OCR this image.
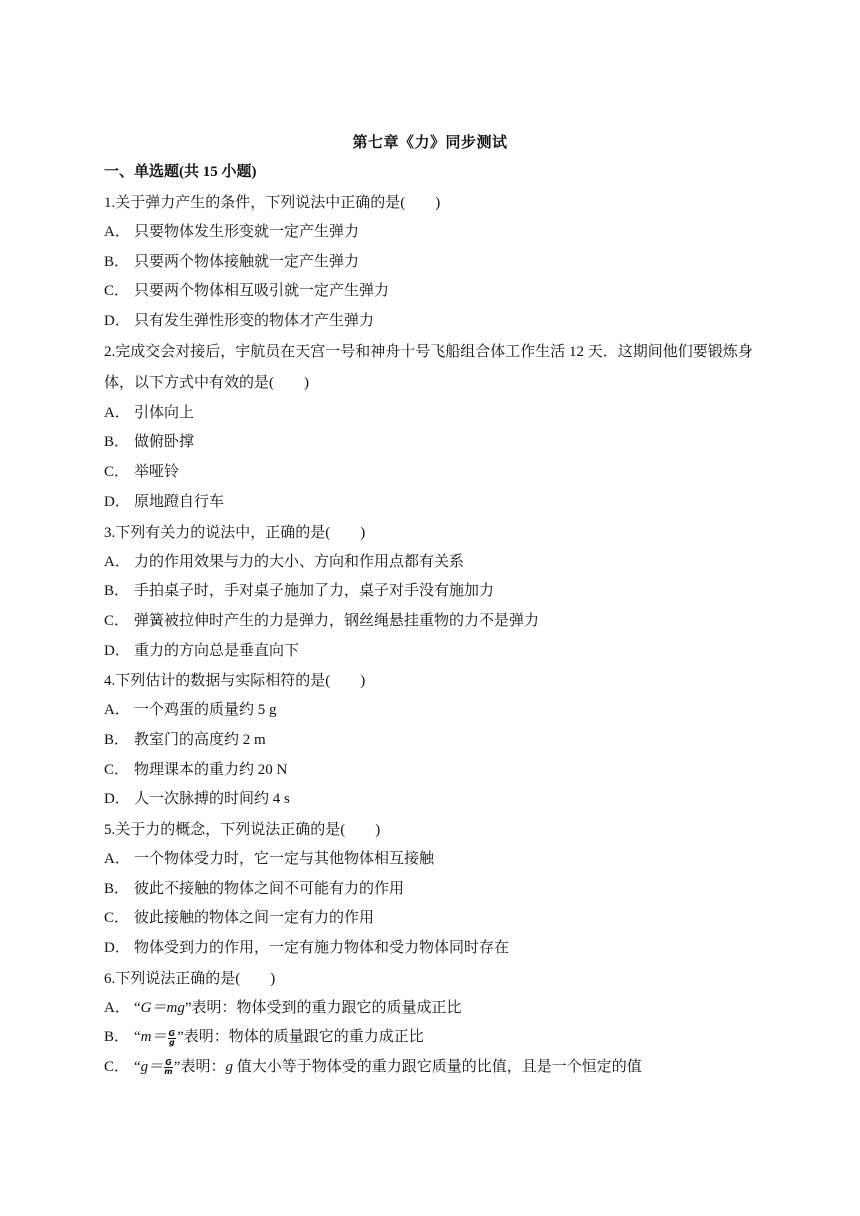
第七章《力》同步测试
一、单选题(共 15 小题)
1.关于弹力产生的条件，下列说法中正确的是(　　)
A． 只要物体发生形变就一定产生弹力
B． 只要两个物体接触就一定产生弹力
C． 只要两个物体相互吸引就一定产生弹力
D． 只有发生弹性形变的物体才产生弹力
2.完成交会对接后，宇航员在天宫一号和神舟十号飞船组合体工作生活 12 天．这期间他们要锻炼身体，以下方式中有效的是(　　)
A． 引体向上
B． 做俯卧撑
C． 举哑铃
D． 原地蹬自行车
3.下列有关力的说法中，正确的是(　　)
A． 力的作用效果与力的大小、方向和作用点都有关系
B． 手拍桌子时，手对桌子施加了力，桌子对手没有施加力
C． 弹簧被拉伸时产生的力是弹力，钢丝绳悬挂重物的力不是弹力
D． 重力的方向总是垂直向下
4.下列估计的数据与实际相符的是(　　)
A． 一个鸡蛋的质量约 5 g
B． 教室门的高度约 2 m
C． 物理课本的重力约 20 N
D． 人一次脉搏的时间约 4 s
5.关于力的概念，下列说法正确的是(　　)
A． 一个物体受力时，它一定与其他物体相互接触
B． 彼此不接触的物体之间不可能有力的作用
C． 彼此接触的物体之间一定有力的作用
D． 物体受到力的作用，一定有施力物体和受力物体同时存在
6.下列说法正确的是(　　)
A． “G＝mg”表明：物体受到的重力跟它的质量成正比
B． “$m= \frac{G}{g}$ ”表明：物体的质量跟它的重力成正比
C． “$g= \frac{G}{m}$ ”表明：g 值大小等于物体受的重力跟它质量的比值，且是一个恒定的值
